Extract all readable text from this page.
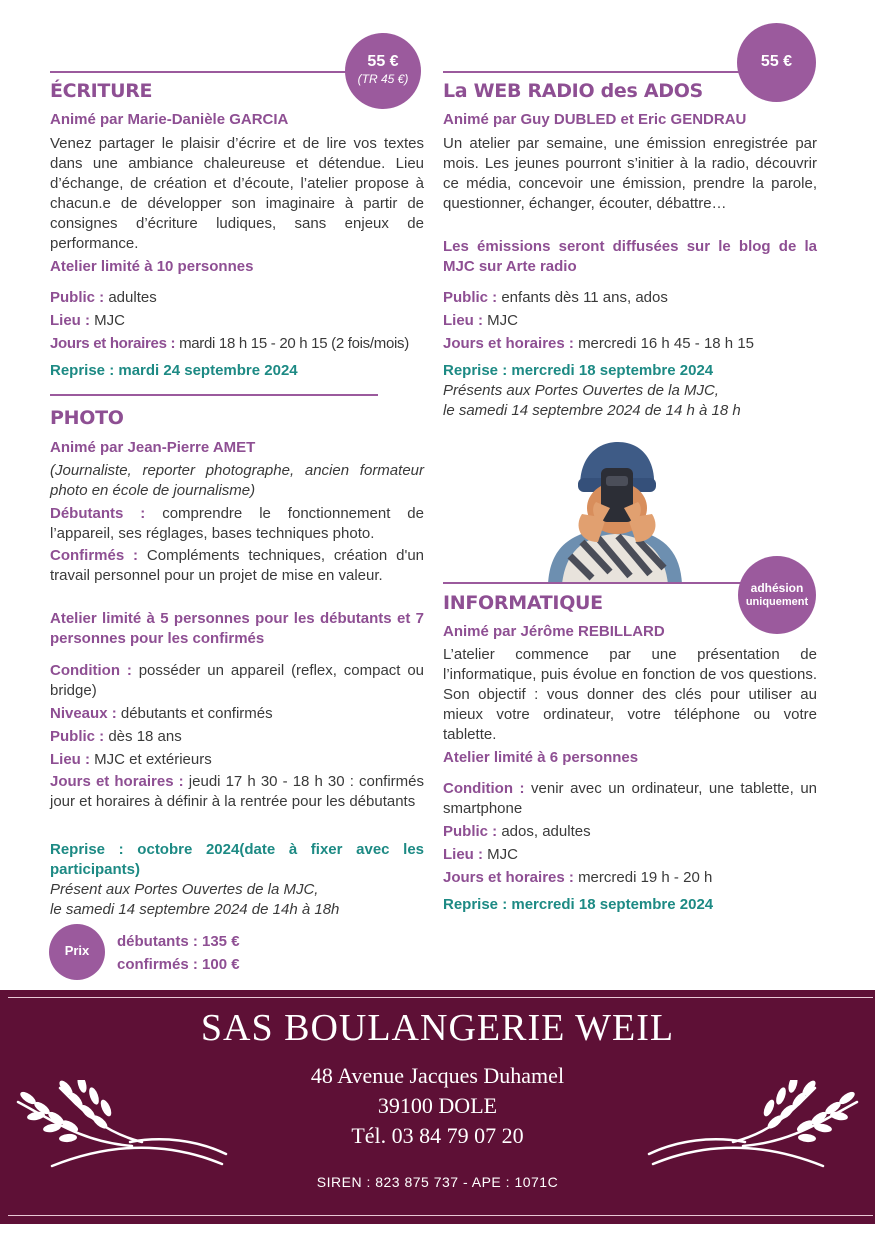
55 €
(TR 45 €)
ÉCRITURE
Animé par Marie-Danièle GARCIA
Venez partager le plaisir d’écrire et de lire vos textes dans une ambiance chaleureuse et détendue. Lieu d’échange, de création et d’écoute, l’atelier propose à chacun.e de développer son imaginaire à partir de consignes d’écriture ludiques, sans enjeux de performance.
Atelier limité à 10 personnes
Public : adultes
Lieu : MJC
Jours et horaires : mardi 18 h 15 - 20 h 15 (2 fois/mois)
Reprise : mardi 24 septembre 2024
PHOTO
Animé par Jean-Pierre AMET
(Journaliste, reporter photographe, ancien formateur photo en école de journalisme)
Débutants : comprendre le fonctionnement de l’appareil, ses réglages, bases techniques photo.
Confirmés : Compléments techniques, création d'un travail personnel pour un projet de mise en valeur.
Atelier limité à 5 personnes pour les débutants et 7 personnes pour les confirmés
Condition : posséder un appareil (reflex, compact ou bridge)
Niveaux : débutants et confirmés
Public : dès 18 ans
Lieu : MJC et extérieurs
Jours et horaires : jeudi 17 h 30 - 18 h 30 : confirmés jour et horaires à définir à la rentrée pour les débutants
Reprise : octobre 2024(date à fixer avec les participants)
Présent aux Portes Ouvertes de la MJC,
le samedi 14 septembre 2024 de 14h à 18h
Prix
débutants : 135 €
confirmés : 100 €
55 €
La WEB RADIO des ADOS
Animé par Guy DUBLED et Eric GENDRAU
Un atelier par semaine, une émission enregistrée par mois. Les jeunes pourront s’initier à la radio, découvrir ce média, concevoir une émission, prendre la parole, questionner, échanger, écouter, débattre…
Les émissions seront diffusées sur le blog de la MJC sur Arte radio
Public : enfants dès 11 ans, ados
Lieu : MJC
Jours et horaires : mercredi 16 h 45 - 18 h 15
Reprise : mercredi 18 septembre 2024
Présents aux Portes Ouvertes de la MJC,
le samedi 14 septembre 2024 de 14 h à 18 h
adhésion
uniquement
INFORMATIQUE
Animé par Jérôme REBILLARD
L’atelier commence par une présentation de l’informatique, puis évolue en fonction de vos questions. Son objectif : vous donner des clés pour utiliser au mieux votre ordinateur, votre téléphone ou votre tablette.
Atelier limité à 6 personnes
Condition : venir avec un ordinateur, une tablette, un smartphone
Public : ados, adultes
Lieu : MJC
Jours et horaires : mercredi 19 h - 20 h
Reprise : mercredi 18 septembre 2024
SAS BOULANGERIE WEIL
48 Avenue Jacques Duhamel
39100 DOLE
Tél. 03 84 79 07 20
SIREN : 823 875 737 - APE : 1071C
